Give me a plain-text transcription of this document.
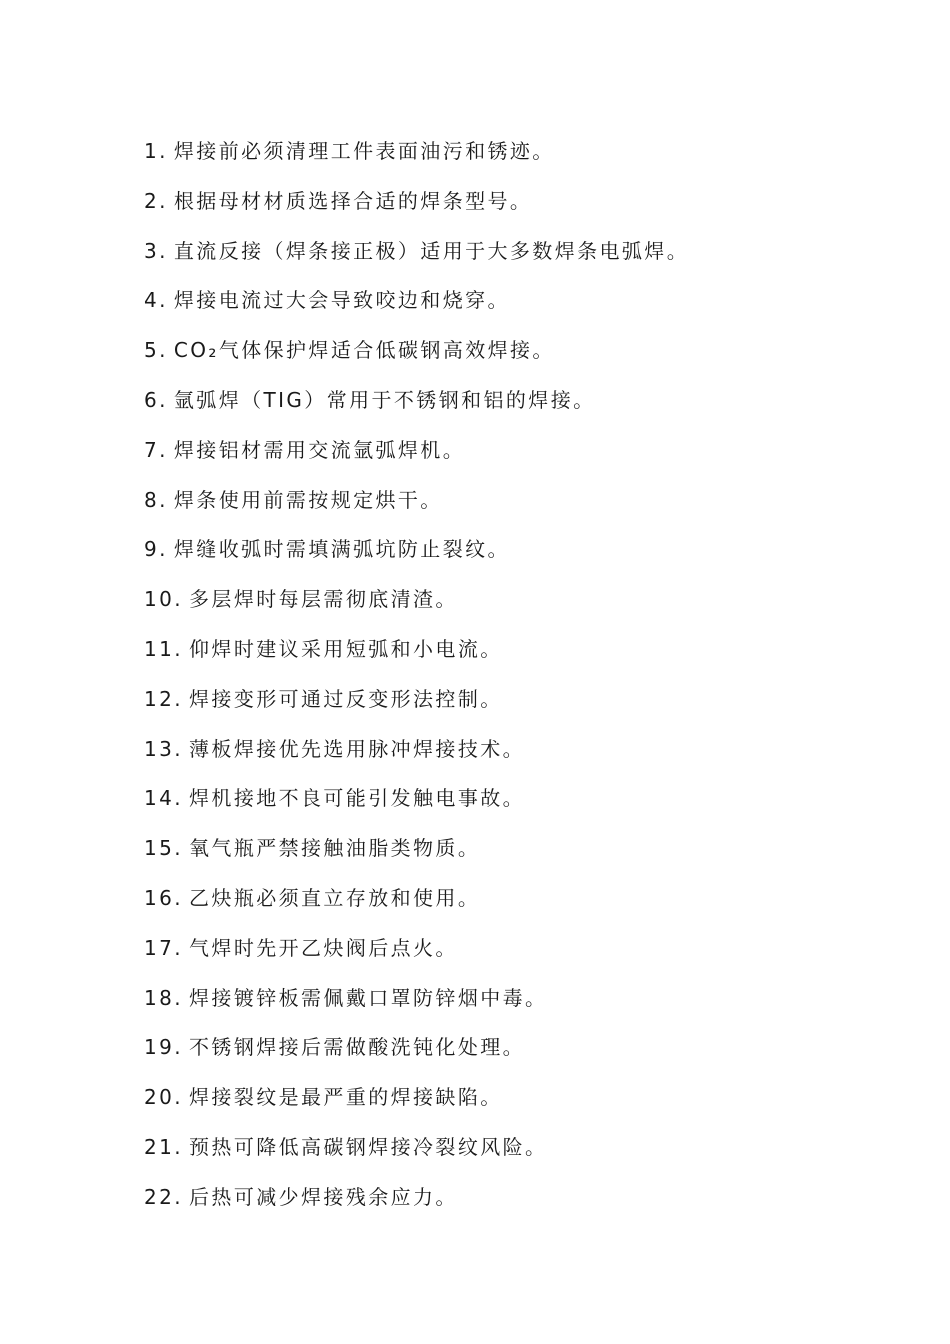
1. 焊接前必须清理工件表面油污和锈迹。
2. 根据母材材质选择合适的焊条型号。
3. 直流反接（焊条接正极）适用于大多数焊条电弧焊。
4. 焊接电流过大会导致咬边和烧穿。
5. CO₂气体保护焊适合低碳钢高效焊接。
6. 氩弧焊（TIG）常用于不锈钢和铝的焊接。
7. 焊接铝材需用交流氩弧焊机。
8. 焊条使用前需按规定烘干。
9. 焊缝收弧时需填满弧坑防止裂纹。
10. 多层焊时每层需彻底清渣。
11. 仰焊时建议采用短弧和小电流。
12. 焊接变形可通过反变形法控制。
13. 薄板焊接优先选用脉冲焊接技术。
14. 焊机接地不良可能引发触电事故。
15. 氧气瓶严禁接触油脂类物质。
16. 乙炔瓶必须直立存放和使用。
17. 气焊时先开乙炔阀后点火。
18. 焊接镀锌板需佩戴口罩防锌烟中毒。
19. 不锈钢焊接后需做酸洗钝化处理。
20. 焊接裂纹是最严重的焊接缺陷。
21. 预热可降低高碳钢焊接冷裂纹风险。
22. 后热可减少焊接残余应力。
